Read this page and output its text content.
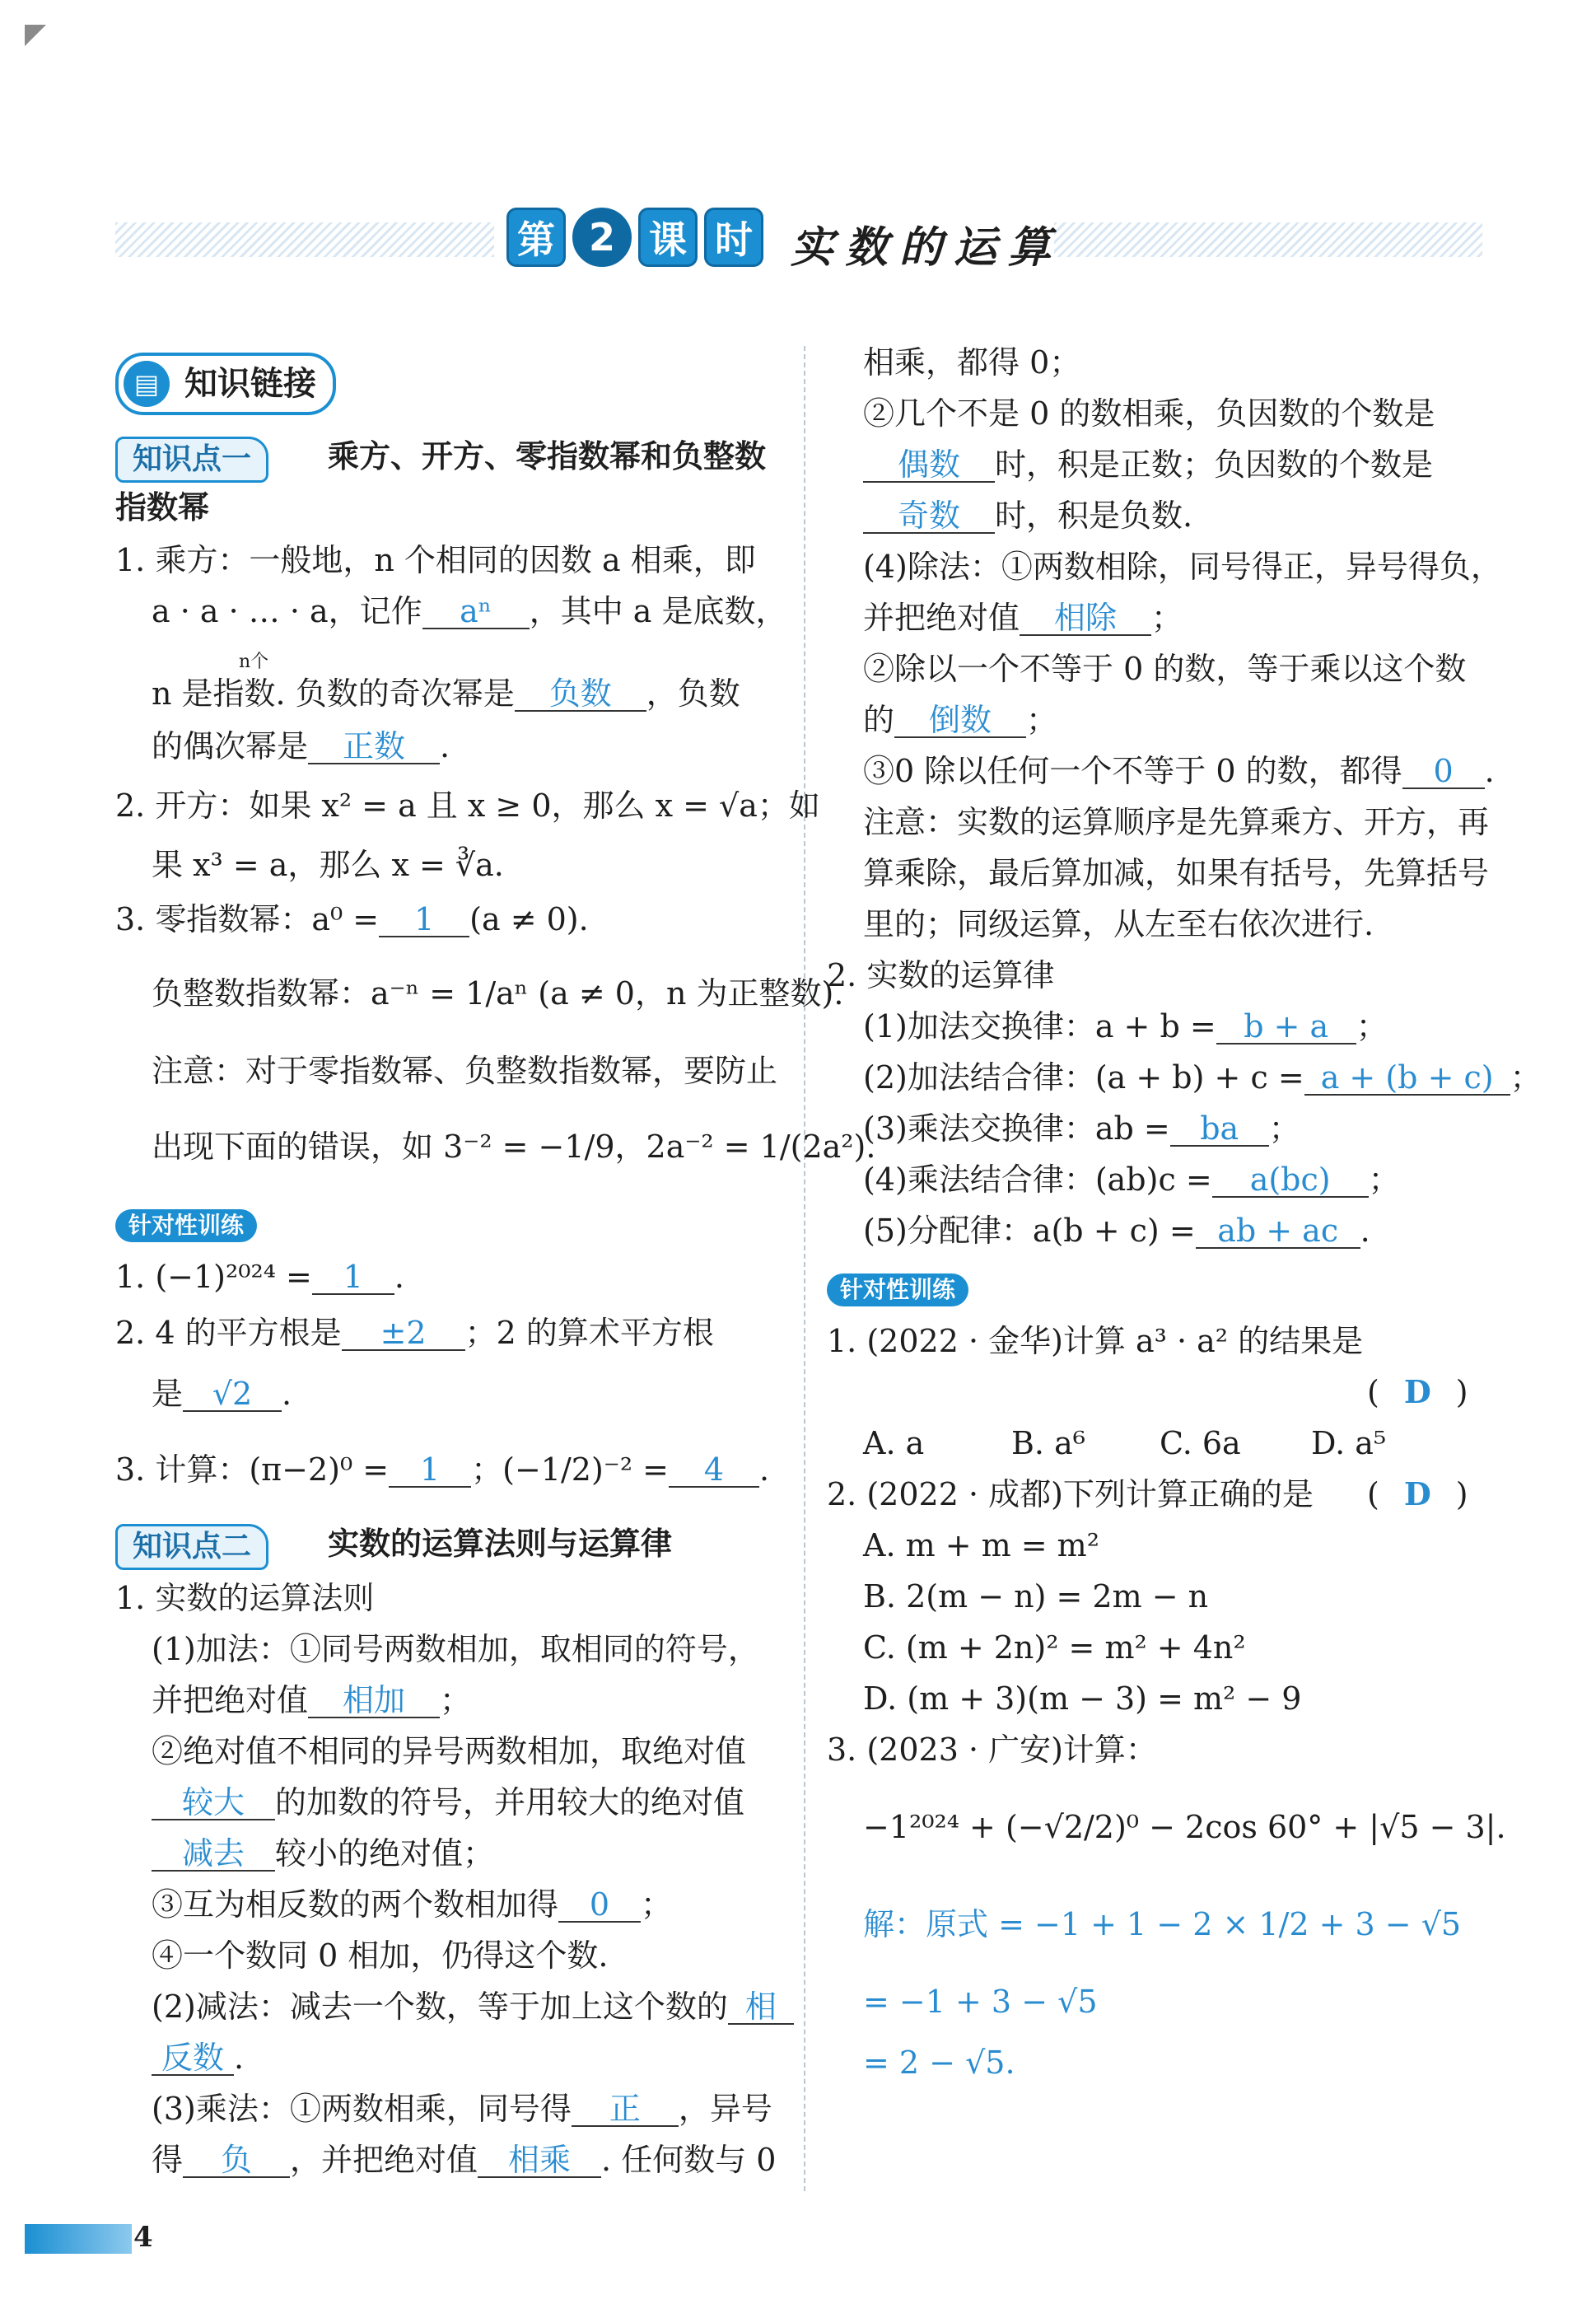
第 2 课 时 实数的运算
▤ 知识链接
知识点一	乘方、开方、零指数幂和负整数
指数幂
1. 乘方：一般地，n 个相同的因数 a 相乘，即
a · a · … · a，记作 aⁿ ，其中 a 是底数，
n个
n 是指数. 负数的奇次幂是 负数 ，负数
的偶次幂是 正数 .
2. 开方：如果 x² = a 且 x ≥ 0，那么 x = √a；如
果 x³ = a，那么 x = ∛a.
3. 零指数幂：a⁰ = 1 (a ≠ 0).
负整数指数幂：a⁻ⁿ = 1/aⁿ (a ≠ 0，n 为正整数).
注意：对于零指数幂、负整数指数幂，要防止
出现下面的错误，如 3⁻² = −1/9，2a⁻² = 1/(2a²).
针对性训练
1. (−1)²⁰²⁴ = 1 .
2. 4 的平方根是 ±2 ；2 的算术平方根
是 √2 .
3. 计算：(π−2)⁰ = 1 ；(−1/2)⁻² = 4 .
知识点二	实数的运算法则与运算律
1. 实数的运算法则
(1)加法：①同号两数相加，取相同的符号，
并把绝对值 相加 ；
②绝对值不相同的异号两数相加，取绝对值
较大 的加数的符号，并用较大的绝对值
减去 较小的绝对值；
③互为相反数的两个数相加得 0 ；
④一个数同 0 相加，仍得这个数.
(2)减法：减去一个数，等于加上这个数的 相
反数 .
(3)乘法：①两数相乘，同号得 正 ，异号
得 负 ，并把绝对值 相乘 . 任何数与 0
相乘，都得 0；
②几个不是 0 的数相乘，负因数的个数是
偶数 时，积是正数；负因数的个数是
奇数 时，积是负数.
(4)除法：①两数相除，同号得正，异号得负，
并把绝对值 相除 ；
②除以一个不等于 0 的数，等于乘以这个数
的 倒数 ；
③0 除以任何一个不等于 0 的数，都得 0 .
注意：实数的运算顺序是先算乘方、开方，再
算乘除，最后算加减，如果有括号，先算括号
里的；同级运算，从左至右依次进行.
2. 实数的运算律
(1)加法交换律：a + b = b + a ；
(2)加法结合律：(a + b) + c = a + (b + c) ；
(3)乘法交换律：ab = ba ；
(4)乘法结合律：(ab)c = a(bc) ；
(5)分配律：a(b + c) = ab + ac .
针对性训练
1. (2022 · 金华)计算 a³ · a² 的结果是
( D )
A. a	B. a⁶ C. 6a D. a⁵
2. (2022 · 成都)下列计算正确的是 ( D )
A. m + m = m²
B. 2(m − n) = 2m − n
C. (m + 2n)² = m² + 4n²
D. (m + 3)(m − 3) = m² − 9
3. (2023 · 广安)计算：
−1²⁰²⁴ + (−√2/2)⁰ − 2cos 60° + |√5 − 3|.
解：原式 = −1 + 1 − 2 × 1/2 + 3 − √5
= −1 + 3 − √5
= 2 − √5.
4
